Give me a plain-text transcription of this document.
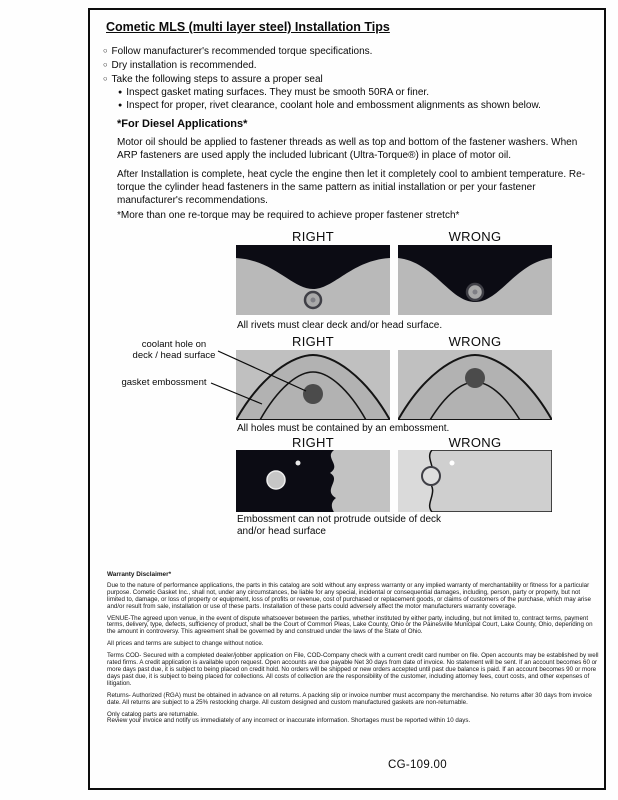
Cometic MLS (multi layer steel) Installation Tips
○ Follow manufacturer's recommended torque specifications.
○ Dry installation is recommended.
○ Take the following steps to assure a proper seal
● Inspect gasket mating surfaces. They must be smooth 50RA or finer.
● Inspect for proper, rivet clearance, coolant hole and embossment alignments as shown below.
*For Diesel Applications*
Motor oil should be applied to fastener threads as well as top and bottom of the fastener washers. When ARP fasteners are used apply the included lubricant (Ultra-Torque®) in place of motor oil.
After Installation is complete, heat cycle the engine then let it completely cool to ambient temperature. Re-torque the cylinder head fasteners in the same pattern as initial installation or per your fastener manufacturer's recommendations.
*More than one re-torque may be required to achieve proper fastener stretch*
RIGHT	WRONG
All rivets must clear deck and/or head surface.
RIGHT	WRONG
coolant hole on deck / head surface
gasket embossment
All holes must be contained by an embossment.
RIGHT	WRONG
Embossment can not protrude outside of deck and/or head surface
Warranty Disclaimer*

Due to the nature of performance applications, the parts in this catalog are sold without any express warranty or any implied warranty of merchantability or fitness for a particular purpose. Cometic Gasket Inc., shall not, under any circumstances, be liable for any special, incidental or consequential damages, including, person, party or property, but not limited to, damage, or loss of property or equipment, loss of profits or revenue, cost of purchased or replacement goods, or claims of customers of the purchase, which may arise and/or result from sale, installation or use of these parts. Installation of these parts could adversely affect the motor manufacturers warranty coverage.

VENUE-The agreed upon venue, in the event of dispute whatsoever between the parties, whether instituted by either party, including, but not limited to, contract terms, payment terms, delivery, type, defects, sufficiency of product, shall be the Court of Common Pleas, Lake County, Ohio or the Painesville Municipal Court, Lake County, Ohio, depending on the amount in controversy. This agreement shall be governed by and construed under the laws of the State of Ohio.

All prices and terms are subject to change without notice.

Terms COD- Secured with a completed dealer/jobber application on File, COD-Company check with a current credit card number on file. Open accounts may be established by well rated firms. A credit application is available upon request. Open accounts are due payable Net 30 days from date of invoice. No statement will be sent. If an account becomes 60 or more days past due, it is subject to being placed on credit hold. No orders will be shipped or new orders accepted until past due balance is paid. If an account becomes 90 or more days past due, it is subject to being placed for collections. All costs of collection are the responsibility of the customer, including attorney fees, court costs, and other expenses of litigation.

Returns- Authorized (RGA) must be obtained in advance on all returns. A packing slip or invoice number must accompany the merchandise. No returns after 30 days from invoice date. All returns are subject to a 25% restocking charge. All custom designed and custom manufactured gaskets are non-returnable.

Only catalog parts are returnable.

Review your invoice and notify us immediately of any incorrect or inaccurate information. Shortages must be reported within 10 days.

CG-109.00
